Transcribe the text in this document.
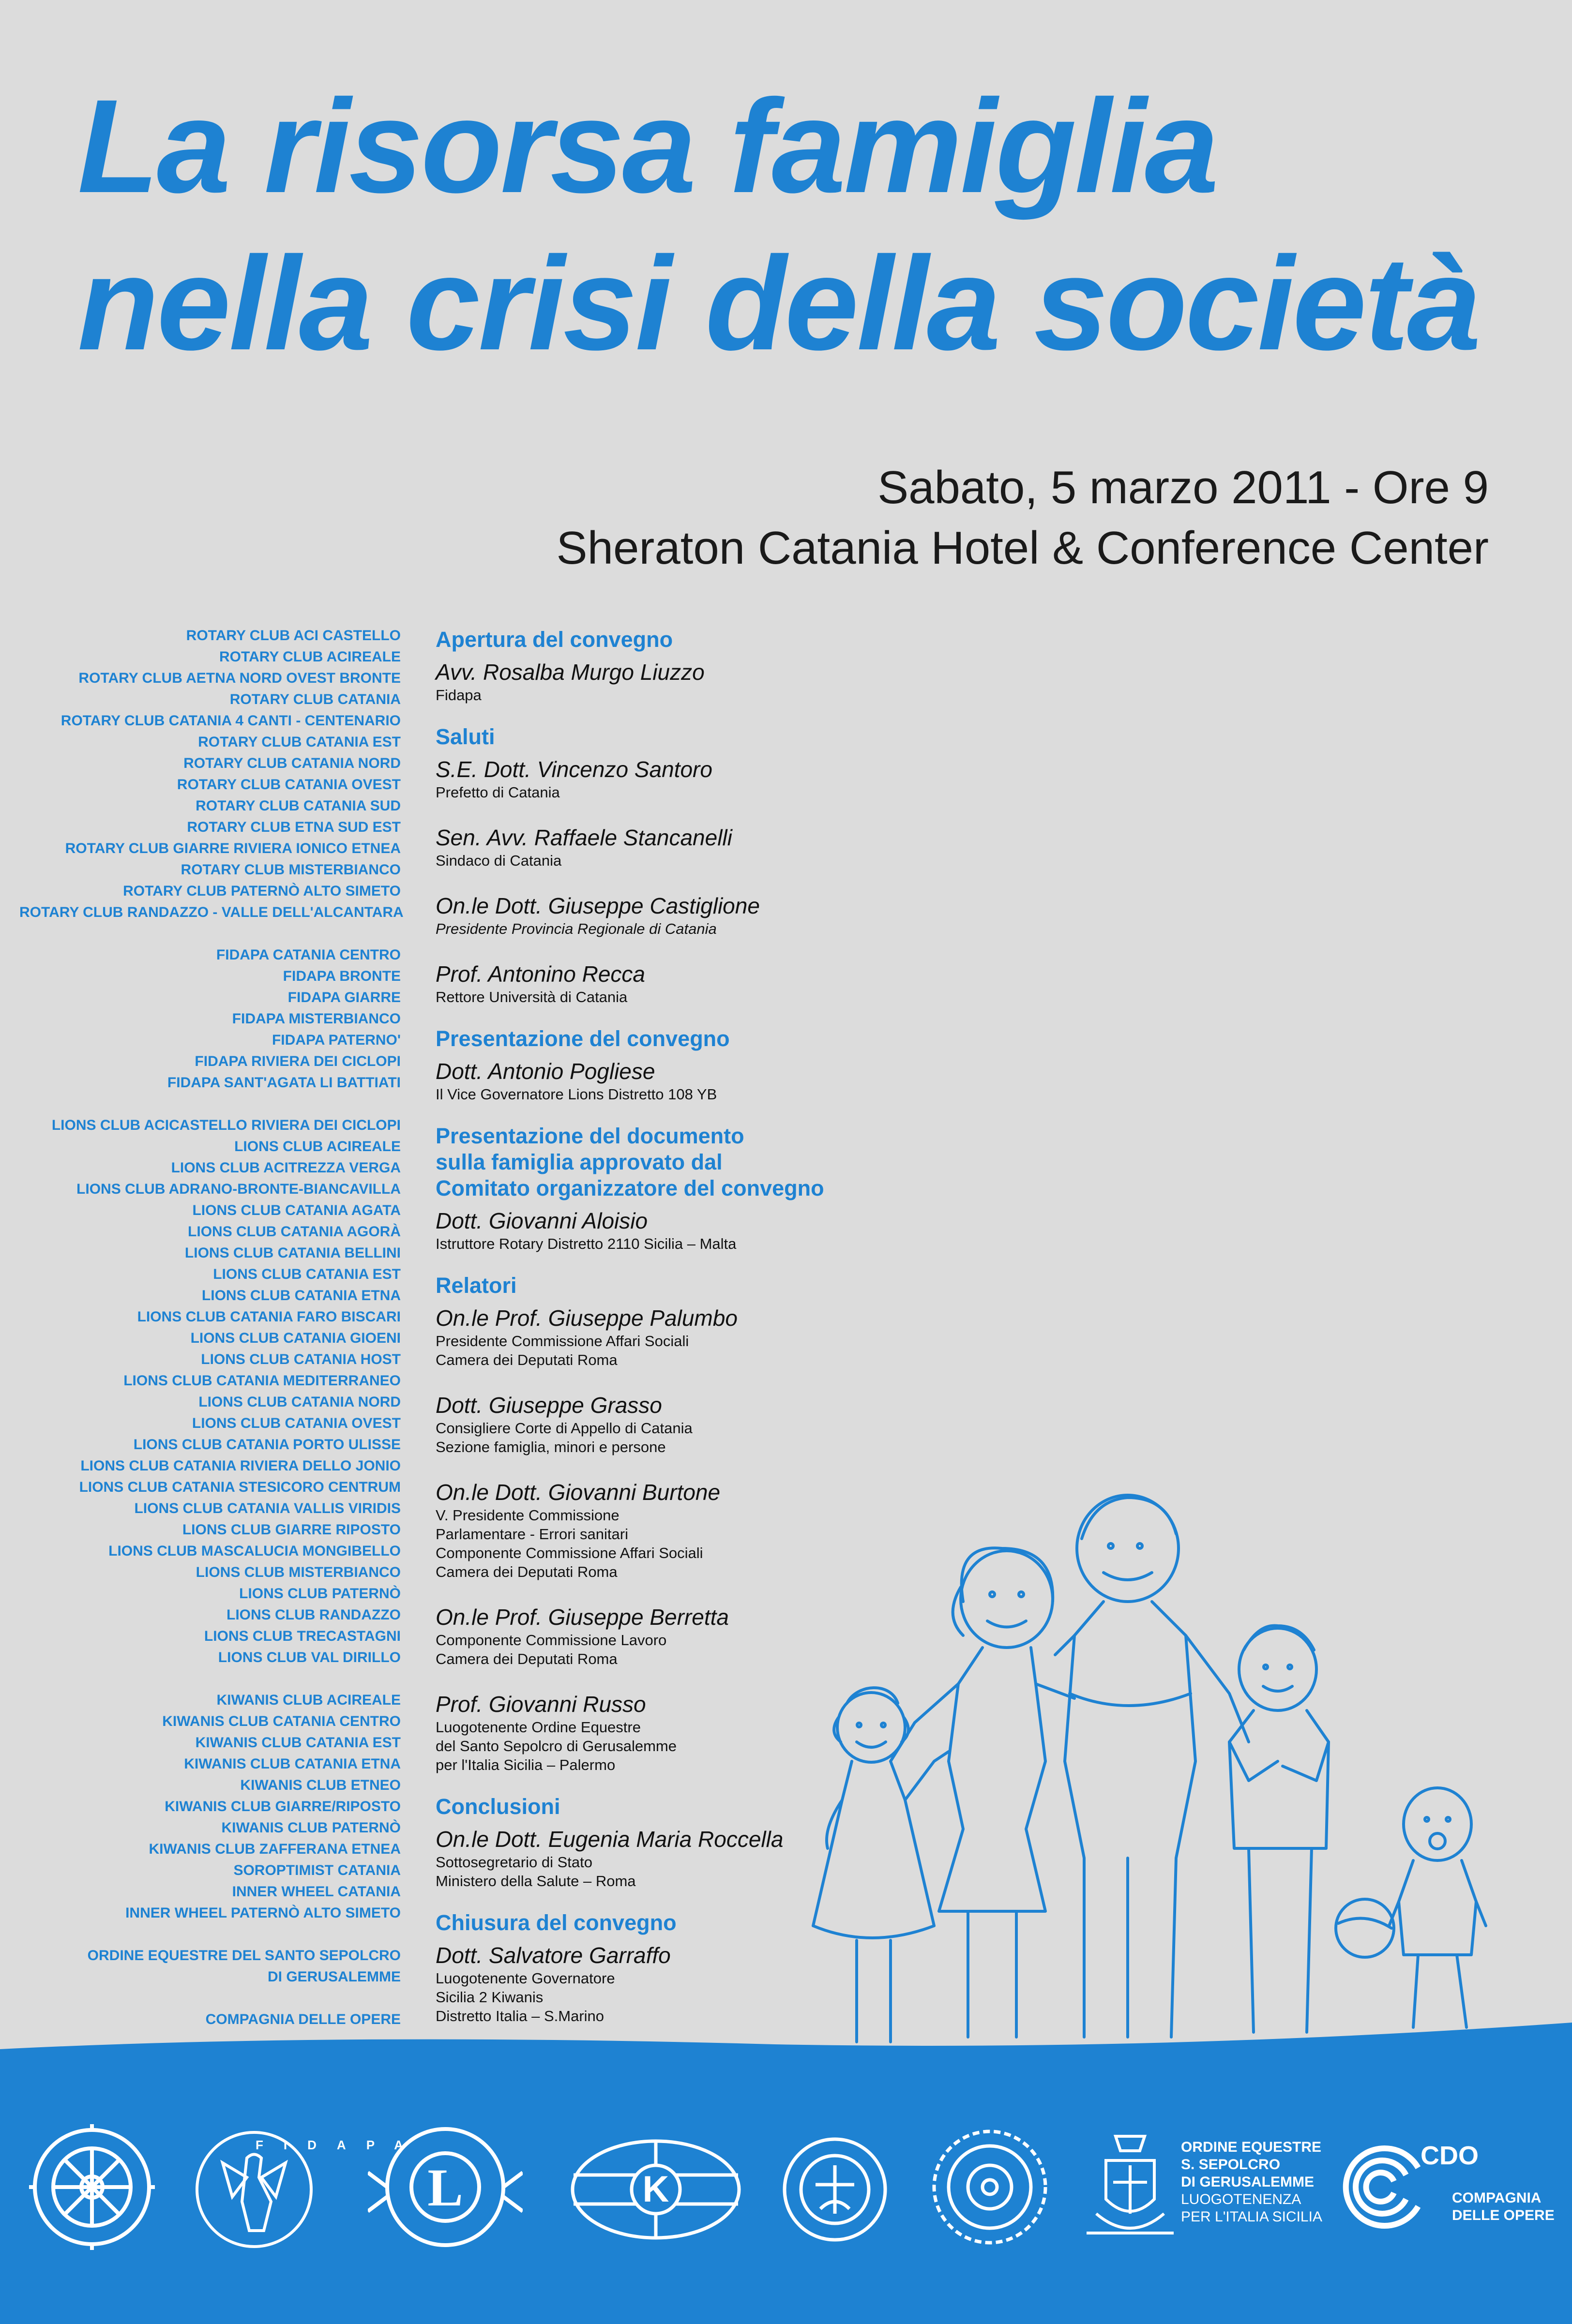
La risorsa famiglia
nella crisi della società
Sabato, 5 marzo 2011 - Ore 9
Sheraton Catania Hotel & Conference Center
ROTARY CLUB ACI CASTELLO
ROTARY CLUB ACIREALE
ROTARY CLUB AETNA NORD OVEST BRONTE
ROTARY CLUB CATANIA
ROTARY CLUB CATANIA 4 CANTI - CENTENARIO
ROTARY CLUB CATANIA EST
ROTARY CLUB CATANIA NORD
ROTARY CLUB CATANIA OVEST
ROTARY CLUB CATANIA SUD
ROTARY CLUB ETNA SUD EST
ROTARY CLUB GIARRE RIVIERA IONICO ETNEA
ROTARY CLUB MISTERBIANCO
ROTARY CLUB PATERNÒ ALTO SIMETO
ROTARY CLUB RANDAZZO - VALLE DELL'ALCANTARA
FIDAPA CATANIA CENTRO
FIDAPA BRONTE
FIDAPA GIARRE
FIDAPA MISTERBIANCO
FIDAPA PATERNO'
FIDAPA RIVIERA DEI CICLOPI
FIDAPA SANT'AGATA LI BATTIATI
LIONS CLUB ACICASTELLO RIVIERA DEI CICLOPI
LIONS CLUB ACIREALE
LIONS CLUB ACITREZZA VERGA
LIONS CLUB ADRANO-BRONTE-BIANCAVILLA
LIONS CLUB CATANIA AGATA
LIONS CLUB CATANIA AGORÀ
LIONS CLUB CATANIA BELLINI
LIONS CLUB CATANIA EST
LIONS CLUB CATANIA ETNA
LIONS CLUB CATANIA FARO BISCARI
LIONS CLUB CATANIA GIOENI
LIONS CLUB CATANIA HOST
LIONS CLUB CATANIA MEDITERRANEO
LIONS CLUB CATANIA NORD
LIONS CLUB CATANIA OVEST
LIONS CLUB CATANIA PORTO ULISSE
LIONS CLUB CATANIA RIVIERA DELLO JONIO
LIONS CLUB CATANIA STESICORO CENTRUM
LIONS CLUB CATANIA VALLIS VIRIDIS
LIONS CLUB GIARRE RIPOSTO
LIONS CLUB MASCALUCIA MONGIBELLO
LIONS CLUB MISTERBIANCO
LIONS CLUB PATERNÒ
LIONS CLUB RANDAZZO
LIONS CLUB TRECASTAGNI
LIONS CLUB VAL DIRILLO
KIWANIS CLUB ACIREALE
KIWANIS CLUB CATANIA CENTRO
KIWANIS CLUB CATANIA EST
KIWANIS CLUB CATANIA ETNA
KIWANIS CLUB ETNEO
KIWANIS CLUB GIARRE/RIPOSTO
KIWANIS CLUB PATERNÒ
KIWANIS CLUB ZAFFERANA ETNEA
SOROPTIMIST CATANIA
INNER WHEEL CATANIA
INNER WHEEL PATERNÒ ALTO SIMETO
ORDINE EQUESTRE DEL SANTO SEPOLCRO
DI GERUSALEMME
COMPAGNIA DELLE OPERE
Apertura del convegno
Avv. Rosalba Murgo Liuzzo
Fidapa
Saluti
S.E. Dott. Vincenzo Santoro
Prefetto di Catania
Sen. Avv. Raffaele Stancanelli
Sindaco di Catania
On.le Dott. Giuseppe Castiglione
Presidente Provincia Regionale di Catania
Prof. Antonino Recca
Rettore Università di Catania
Presentazione del convegno
Dott. Antonio Pogliese
Il Vice Governatore Lions Distretto 108 YB
Presentazione del documento
sulla famiglia approvato dal
Comitato organizzatore del convegno
Dott. Giovanni Aloisio
Istruttore Rotary Distretto 2110 Sicilia – Malta
Relatori
On.le Prof. Giuseppe Palumbo
Presidente Commissione Affari Sociali
Camera dei Deputati Roma
Dott. Giuseppe Grasso
Consigliere Corte di Appello di Catania
Sezione famiglia, minori e persone
On.le Dott. Giovanni Burtone
V. Presidente Commissione
Parlamentare - Errori sanitari
Componente Commissione Affari Sociali
Camera dei Deputati Roma
On.le Prof. Giuseppe Berretta
Componente Commissione Lavoro
Camera dei Deputati Roma
Prof. Giovanni Russo
Luogotenente Ordine Equestre
del Santo Sepolcro di Gerusalemme
per l'Italia Sicilia – Palermo
Conclusioni
On.le Dott. Eugenia Maria Roccella
Sottosegretario di Stato
Ministero della Salute – Roma
Chiusura del convegno
Dott. Salvatore Garraffo
Luogotenente Governatore
Sicilia 2 Kiwanis
Distretto Italia – S.Marino
FIDAPA
L	K
ORDINE EQUESTRE
S. SEPOLCRO
DI GERUSALEMME
LUOGOTENENZA
PER L'ITALIA SICILIA
CDO
COMPAGNIA
DELLE OPERE
